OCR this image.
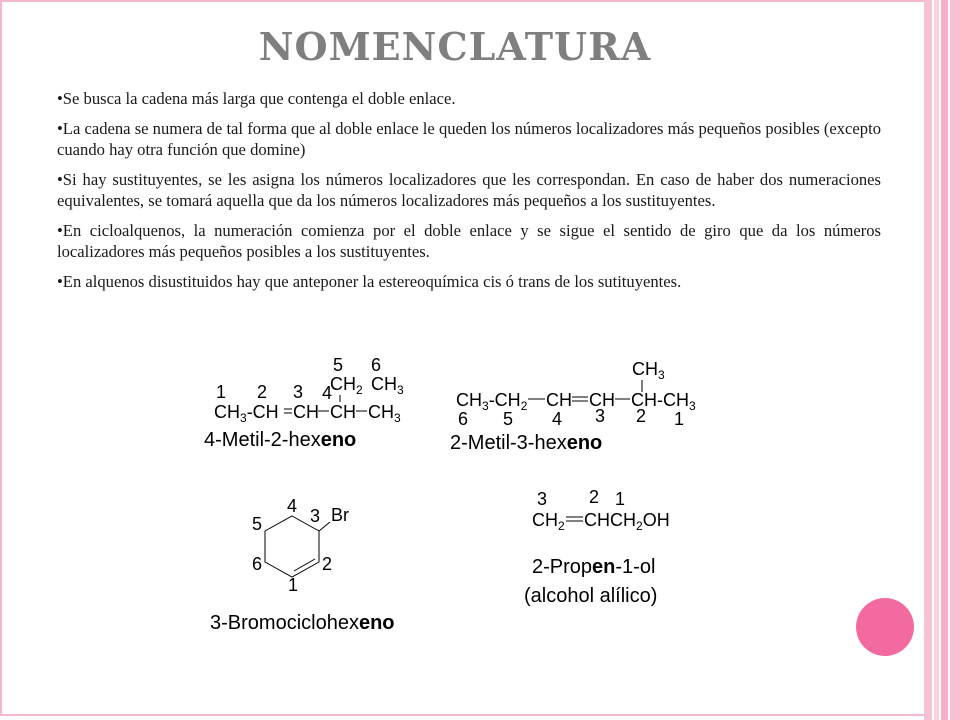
NOMENCLATURA

•Se busca la cadena más larga que contenga el doble enlace.

•La cadena se numera de tal forma que al doble enlace le queden los números localizadores más pequeños posibles (excepto cuando hay otra función que domine)

•Si hay sustituyentes, se les asigna los números localizadores que les correspondan. En caso de haber dos numeraciones equivalentes, se tomará aquella que da los números localizadores más pequeños a los sustituyentes.

•En cicloalquenos, la numeración comienza por el doble enlace y se sigue el sentido de giro que da los números localizadores más pequeños posibles a los sustituyentes.

•En alquenos disustituidos hay que anteponer la estereoquímica cis ó trans de los sutituyentes.

1 2 3 4
5 6
$CH_2$ $CH_3$
$CH_3-CH$ CH CH $CH_3$
$CH_3$
$CH_3-CH_2$ CH CH $CH-CH_3$
6 5 4 3 2 1
Br
4 3
5
6	2
1
3 2 1
$CH_2$ $CHCH_2OH$
4-Metil-2-hexeno	2-Metil-3-hexeno
3-Bromociclohexeno
2-Propen-1-ol
(alcohol alílico)
